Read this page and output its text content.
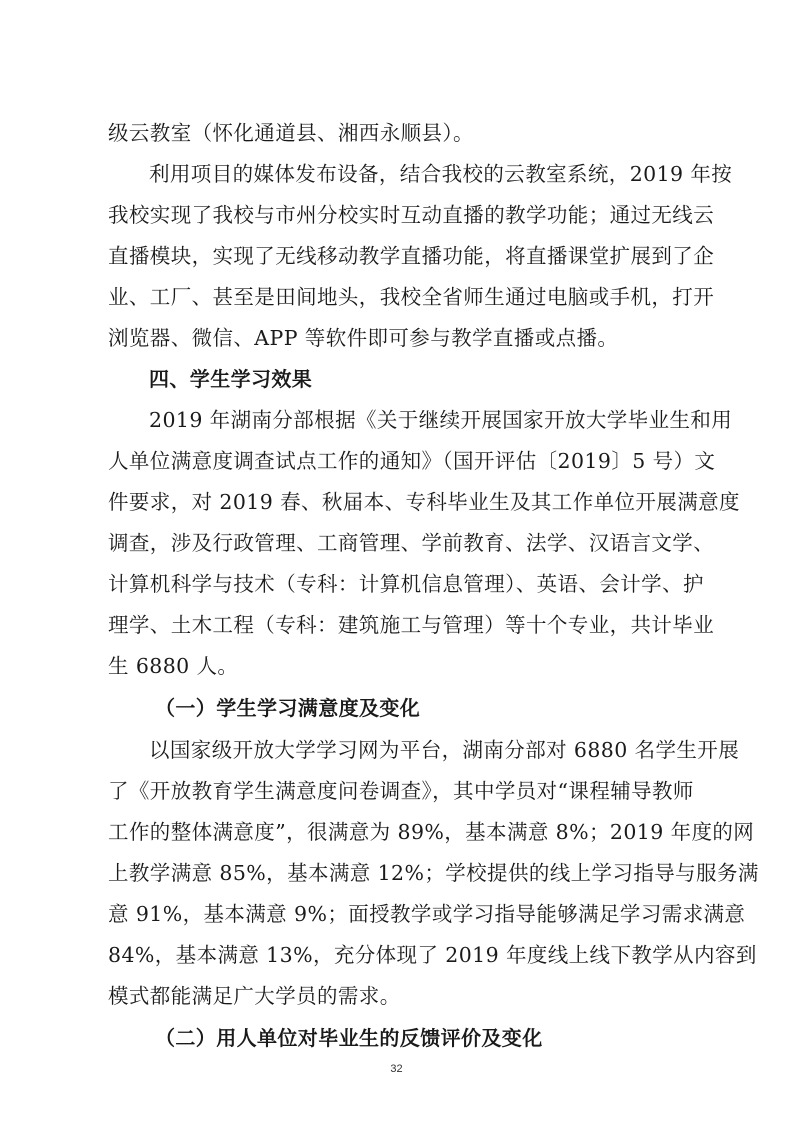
级云教室（怀化通道县、湘西永顺县）。
利用项目的媒体发布设备，结合我校的云教室系统，2019 年按
我校实现了我校与市州分校实时互动直播的教学功能；通过无线云
直播模块，实现了无线移动教学直播功能，将直播课堂扩展到了企
业、工厂、甚至是田间地头，我校全省师生通过电脑或手机，打开
浏览器、微信、APP 等软件即可参与教学直播或点播。
四、学生学习效果
2019 年湖南分部根据《关于继续开展国家开放大学毕业生和用
人单位满意度调查试点工作的通知》（国开评估〔2019〕5 号）文
件要求，对 2019 春、秋届本、专科毕业生及其工作单位开展满意度
调查，涉及行政管理、工商管理、学前教育、法学、汉语言文学、
计算机科学与技术（专科：计算机信息管理）、英语、会计学、护
理学、土木工程（专科：建筑施工与管理）等十个专业，共计毕业
生 6880 人。
（一）学生学习满意度及变化
以国家级开放大学学习网为平台，湖南分部对 6880 名学生开展
了《开放教育学生满意度问卷调查》，其中学员对“课程辅导教师
工作的整体满意度”，很满意为 89%，基本满意 8%；2019 年度的网
上教学满意 85%，基本满意 12%；学校提供的线上学习指导与服务满
意 91%，基本满意 9%；面授教学或学习指导能够满足学习需求满意
84%，基本满意 13%，充分体现了 2019 年度线上线下教学从内容到
模式都能满足广大学员的需求。
（二）用人单位对毕业生的反馈评价及变化
32
